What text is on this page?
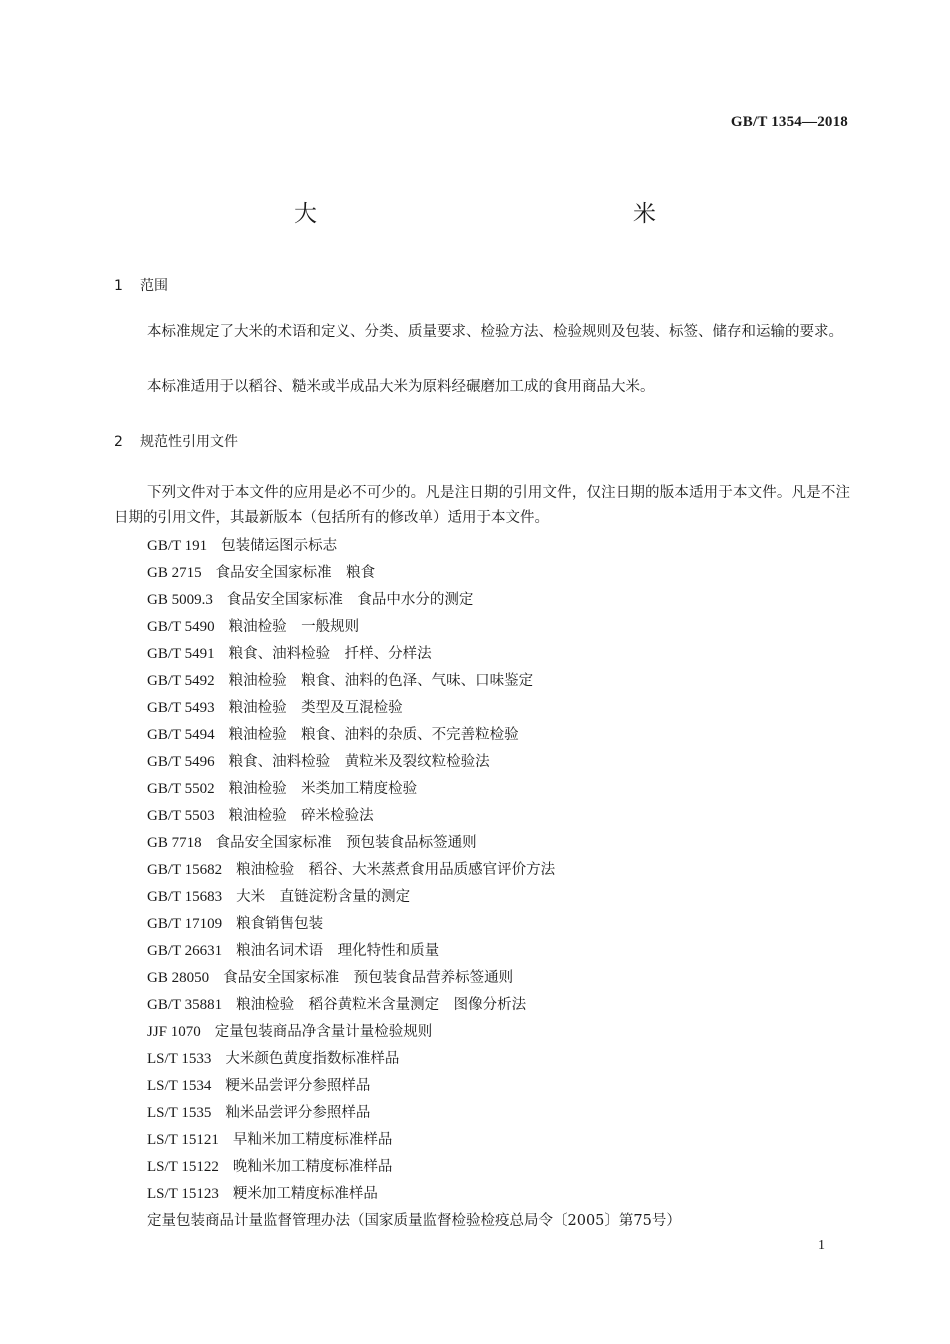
GB/T 1354—2018
大　　米
1 范围

本标准规定了大米的术语和定义、分类、质量要求、检验方法、检验规则及包装、标签、储存和运输的要求。

本标准适用于以稻谷、糙米或半成品大米为原料经碾磨加工成的食用商品大米。

2 规范性引用文件

下列文件对于本文件的应用是必不可少的。凡是注日期的引用文件，仅注日期的版本适用于本文件。凡是不注日期的引用文件，其最新版本（包括所有的修改单）适用于本文件。

GB/T 191 包装储运图示标志
GB 2715 食品安全国家标准　粮食
GB 5009.3 食品安全国家标准　食品中水分的测定
GB/T 5490 粮油检验　一般规则
GB/T 5491 粮食、油料检验　扦样、分样法
GB/T 5492 粮油检验　粮食、油料的色泽、气味、口味鉴定
GB/T 5493 粮油检验　类型及互混检验
GB/T 5494 粮油检验　粮食、油料的杂质、不完善粒检验
GB/T 5496 粮食、油料检验　黄粒米及裂纹粒检验法
GB/T 5502 粮油检验　米类加工精度检验
GB/T 5503 粮油检验　碎米检验法
GB 7718 食品安全国家标准　预包装食品标签通则
GB/T 15682 粮油检验　稻谷、大米蒸煮食用品质感官评价方法
GB/T 15683 大米　直链淀粉含量的测定
GB/T 17109 粮食销售包装
GB/T 26631 粮油名词术语　理化特性和质量
GB 28050 食品安全国家标准　预包装食品营养标签通则
GB/T 35881 粮油检验　稻谷黄粒米含量测定　图像分析法
JJF 1070 定量包装商品净含量计量检验规则
LS/T 1533 大米颜色黄度指数标准样品
LS/T 1534 粳米品尝评分参照样品
LS/T 1535 籼米品尝评分参照样品
LS/T 15121 早籼米加工精度标准样品
LS/T 15122 晚籼米加工精度标准样品
LS/T 15123 粳米加工精度标准样品
定量包装商品计量监督管理办法（国家质量监督检验检疫总局令〔2005〕第75号）
1
